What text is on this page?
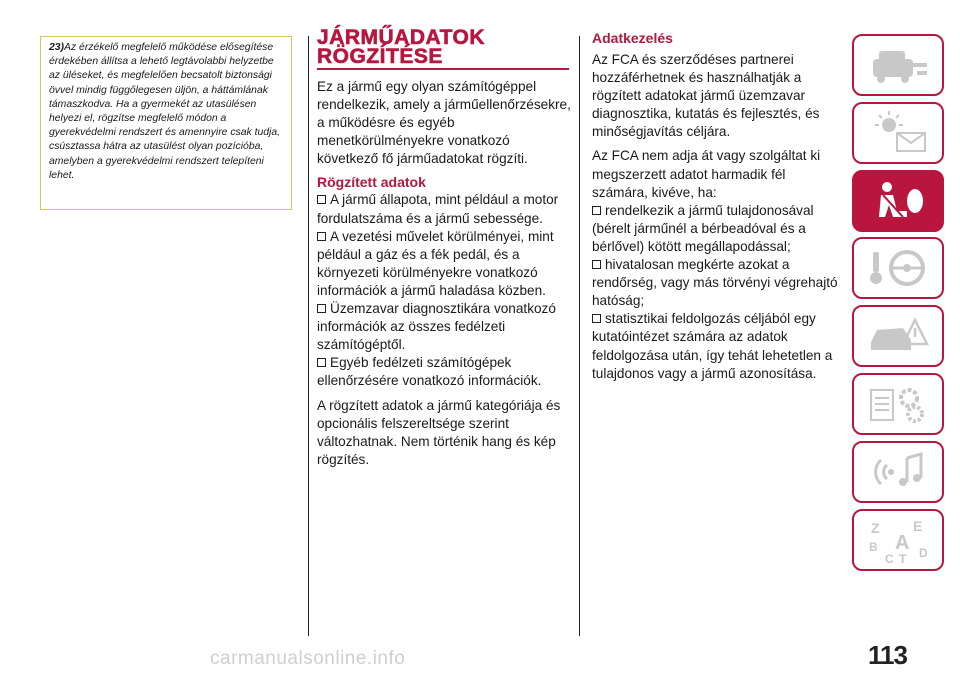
23)Az érzékelő megfelelő működése elősegítése érdekében állítsa a lehető legtávolabbi helyzetbe az üléseket, és megfelelően becsatolt biztonsági övvel mindig függőlegesen üljön, a háttámlának támaszkodva. Ha a gyermekét az utasülésen helyezi el, rögzítse megfelelő módon a gyerekvédelmi rendszert és amennyire csak tudja, csúsztassa hátra az utasülést olyan pozícióba, amelyben a gyerekvédelmi rendszert telepíteni lehet.
JÁRMŰADATOK
RÖGZÍTÉSE

Ez a jármű egy olyan számítógéppel rendelkezik, amely a járműellenőrzésekre, a működésre és egyéb menetkörülményekre vonatkozó következő fő járműadatokat rögzíti.

Rögzített adatok
A jármű állapota, mint például a motor fordulatszáma és a jármű sebessége.
A vezetési művelet körülményei, mint például a gáz és a fék pedál, és a környezeti körülményekre vonatkozó információk a jármű haladása közben.
Üzemzavar diagnosztikára vonatkozó információk az összes fedélzeti számítógéptől.
Egyéb fedélzeti számítógépek ellenőrzésére vonatkozó információk.

A rögzített adatok a jármű kategóriája és opcionális felszereltsége szerint változhatnak. Nem történik hang és kép rögzítés.

Adatkezelés

Az FCA és szerződéses partnerei hozzáférhetnek és használhatják a rögzített adatokat jármű üzemzavar diagnosztika, kutatás és fejlesztés, és minőségjavítás céljára.

Az FCA nem adja át vagy szolgáltat ki megszerzett adatot harmadik fél számára, kivéve, ha:

rendelkezik a jármű tulajdonosával (bérelt járműnél a bérbeadóval és a bérlővel) kötött megállapodással;
hivatalosan megkérte azokat a rendőrség, vagy más törvényi végrehajtó hatóság;
statisztikai feldolgozás céljából egy kutatóintézet számára az adatok feldolgozása után, így tehát lehetetlen a tulajdonos vagy a jármű azonosítása.
Z E
B A
C T D
113
carmanualsonline.info
